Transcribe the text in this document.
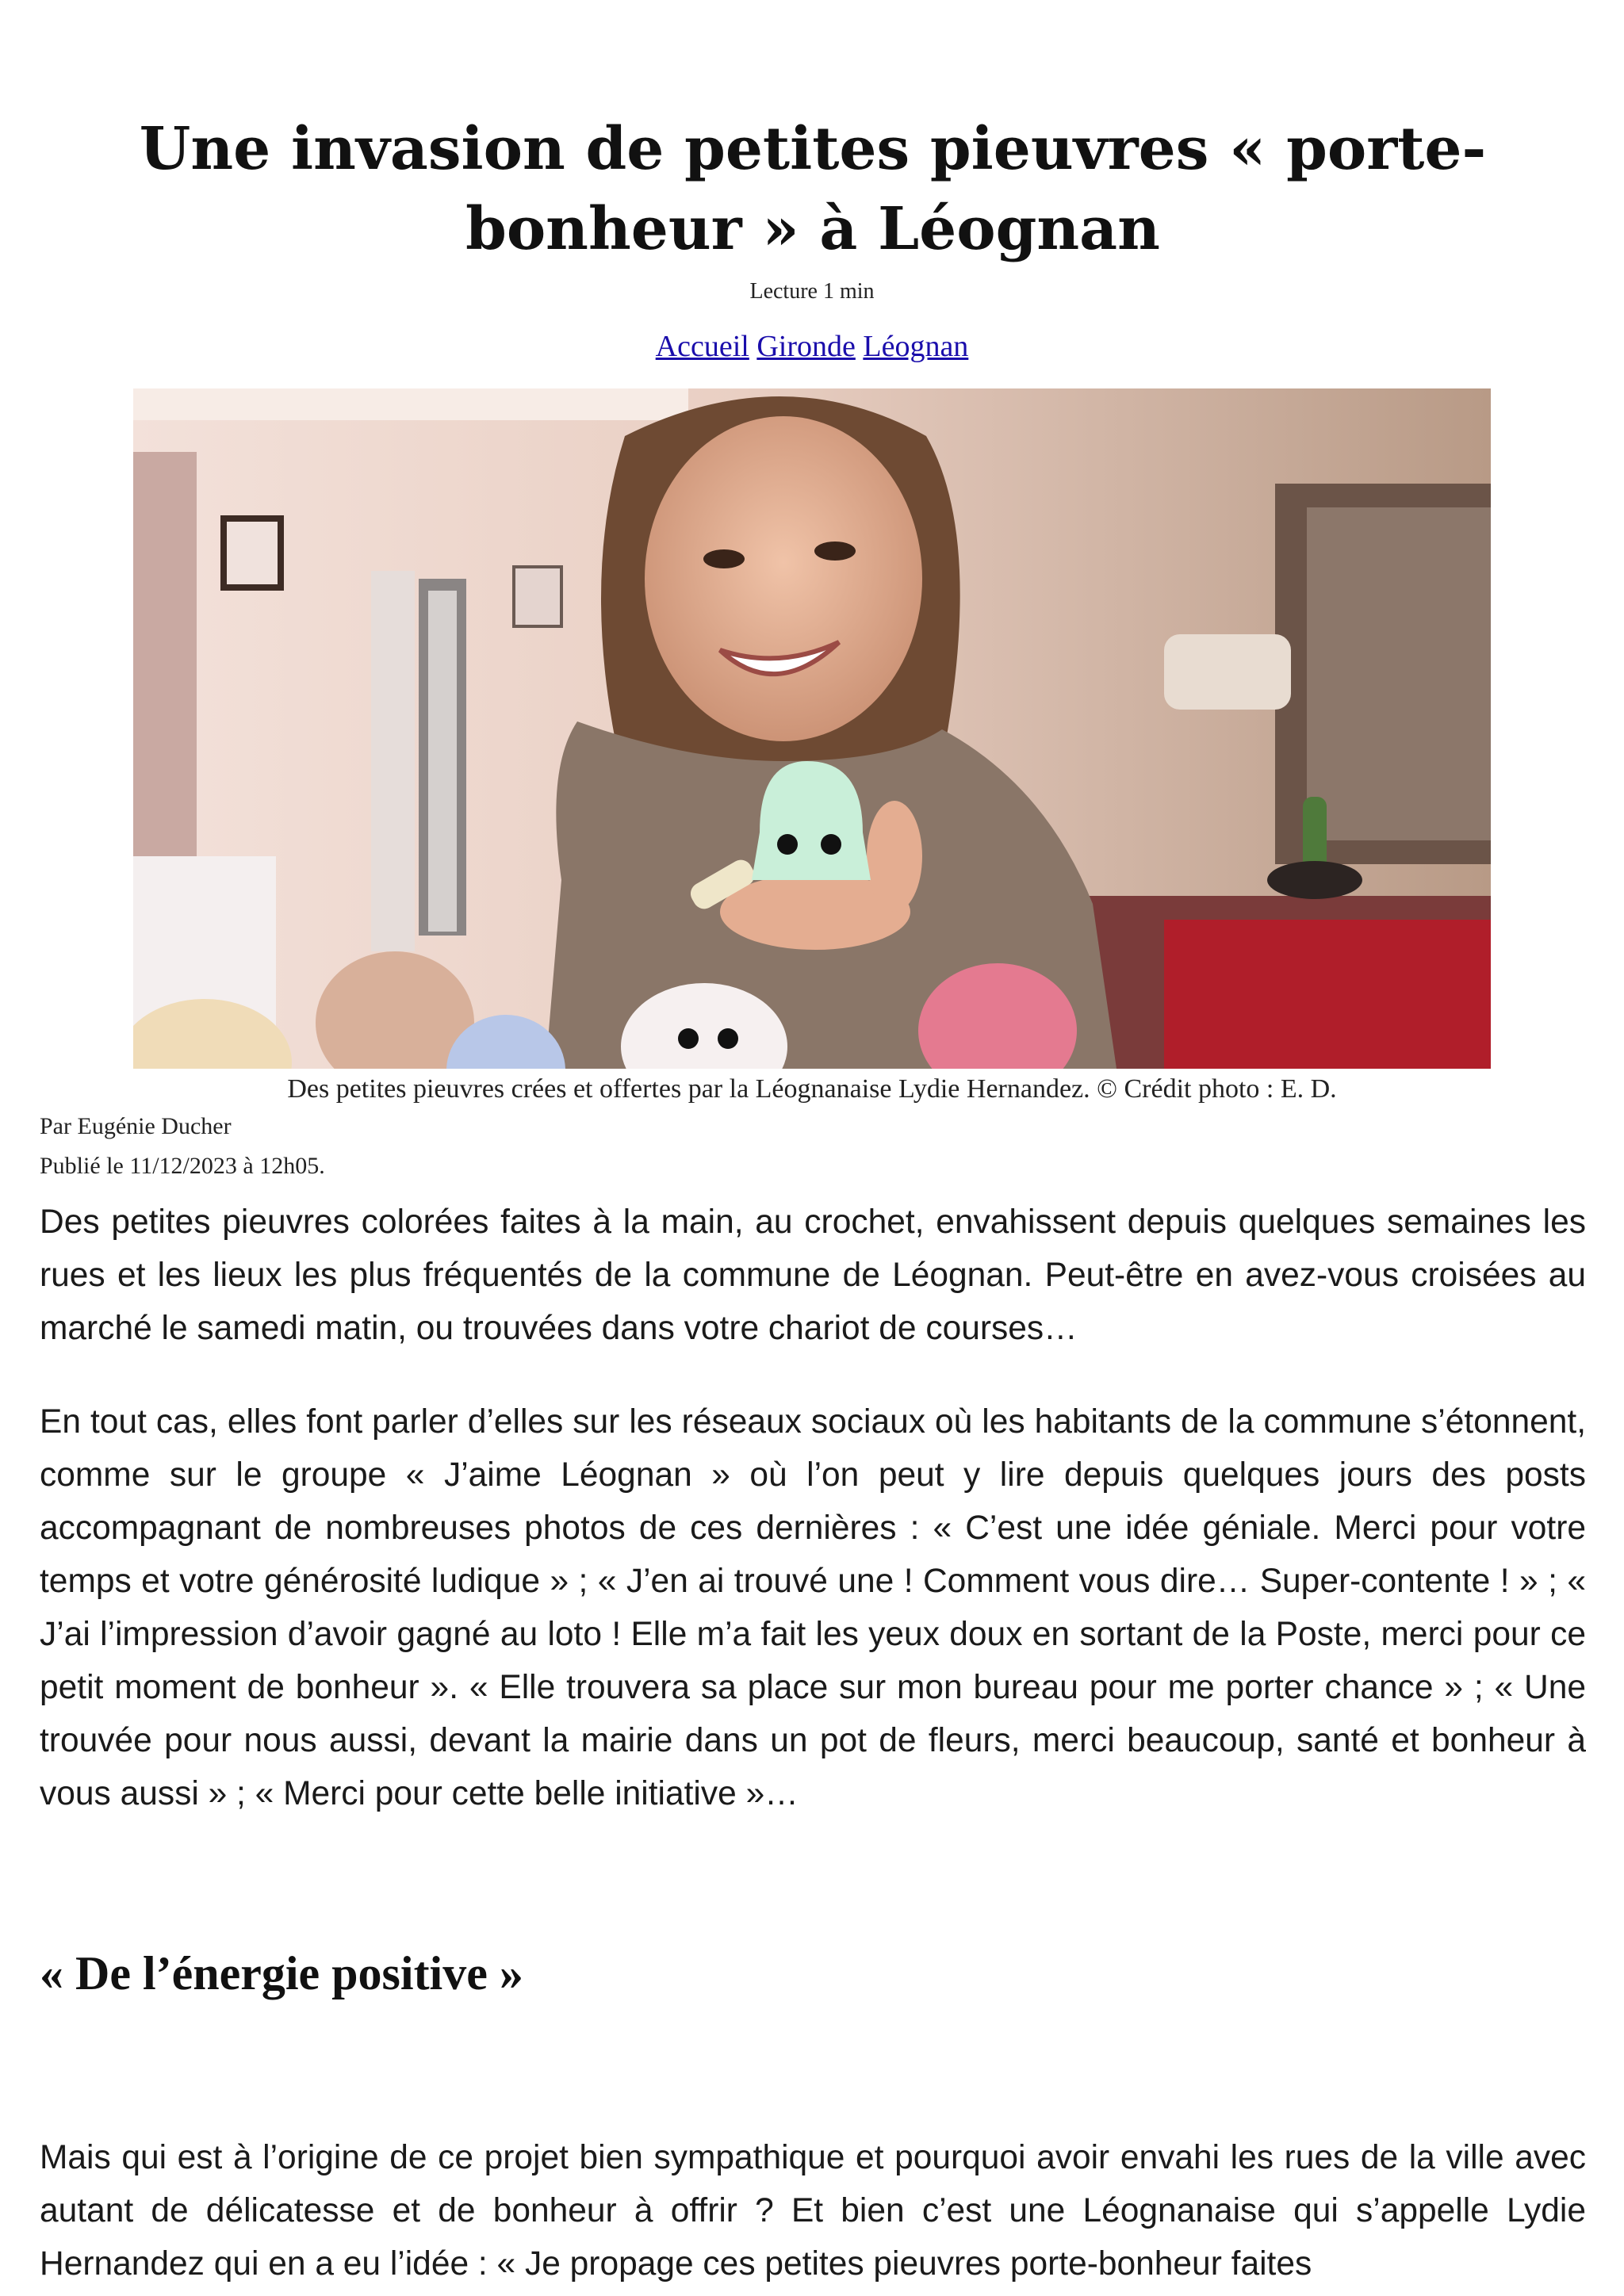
Une invasion de petites pieuvres « porte-bonheur » à Léognan
Lecture 1 min
Accueil Gironde Léognan
Des petites pieuvres crées et offertes par la Léognanaise Lydie Hernandez. © Crédit photo : E. D.
Par Eugénie Ducher
Publié le 11/12/2023 à 12h05.

Des petites pieuvres colorées faites à la main, au crochet, envahissent depuis quelques semaines les rues et les lieux les plus fréquentés de la commune de Léognan. Peut-être en avez-vous croisées au marché le samedi matin, ou trouvées dans votre chariot de courses…

En tout cas, elles font parler d’elles sur les réseaux sociaux où les habitants de la commune s’étonnent, comme sur le groupe « J’aime Léognan » où l’on peut y lire depuis quelques jours des posts accompagnant de nombreuses photos de ces dernières : « C’est une idée géniale. Merci pour votre temps et votre générosité ludique » ; « J’en ai trouvé une ! Comment vous dire… Super-contente ! » ; « J’ai l’impression d’avoir gagné au loto ! Elle m’a fait les yeux doux en sortant de la Poste, merci pour ce petit moment de bonheur ». « Elle trouvera sa place sur mon bureau pour me porter chance » ; « Une trouvée pour nous aussi, devant la mairie dans un pot de fleurs, merci beaucoup, santé et bonheur à vous aussi » ; « Merci pour cette belle initiative »…

« De l’énergie positive »

Mais qui est à l’origine de ce projet bien sympathique et pourquoi avoir envahi les rues de la ville avec autant de délicatesse et de bonheur à offrir ? Et bien c’est une Léognanaise qui s’appelle Lydie Hernandez qui en a eu l’idée : « Je propage ces petites pieuvres porte-bonheur faites
